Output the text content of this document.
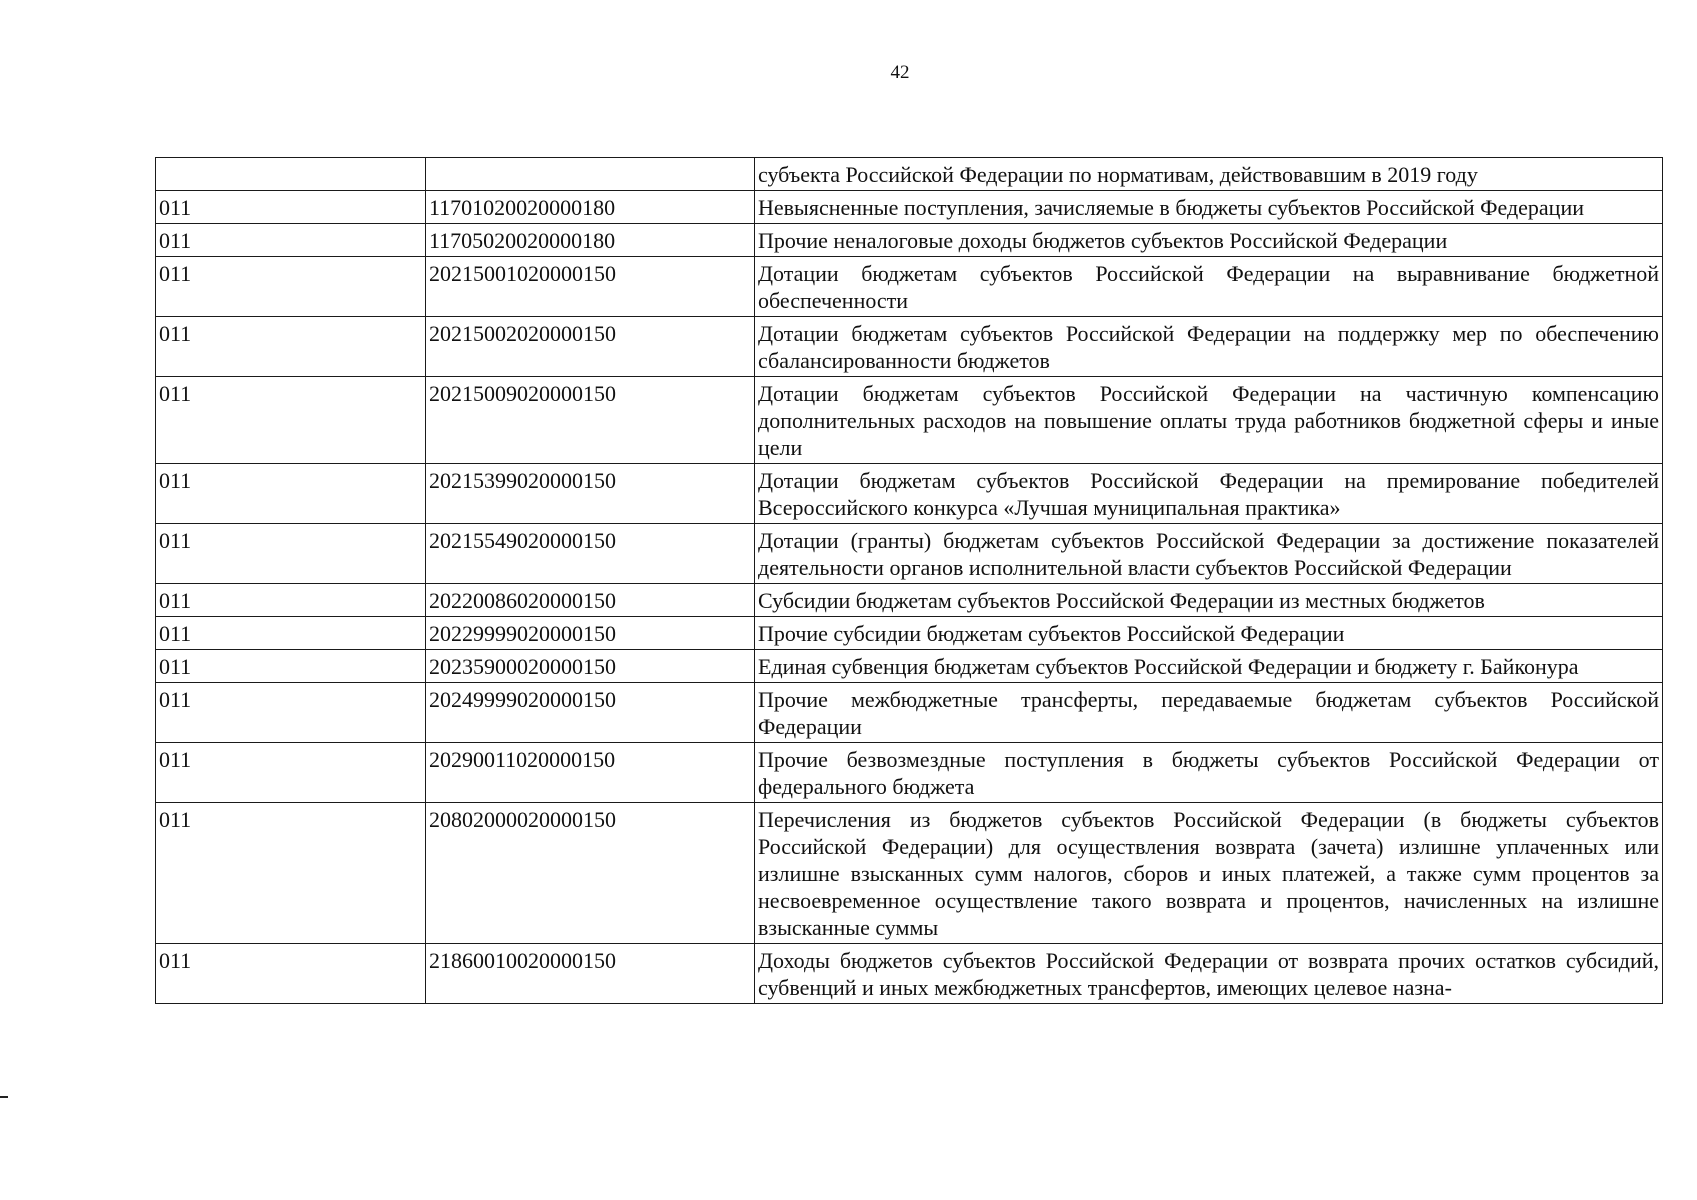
42
		субъекта Российской Федерации по нормативам, действовавшим в 2019 году
011	11701020020000180	Невыясненные поступления, зачисляемые в бюджеты субъектов Российской Федерации
011	11705020020000180	Прочие неналоговые доходы бюджетов субъектов Российской Федерации
011	20215001020000150	Дотации бюджетам субъектов Российской Федерации на выравнивание бюджетной обеспеченности
011	20215002020000150	Дотации бюджетам субъектов Российской Федерации на поддержку мер по обеспечению сбалансированности бюджетов
011	20215009020000150	Дотации бюджетам субъектов Российской Федерации на частичную компенсацию дополнительных расходов на повышение оплаты труда работников бюджетной сферы и иные цели
011	20215399020000150	Дотации бюджетам субъектов Российской Федерации на премирование победителей Всероссийского конкурса «Лучшая муниципальная практика»
011	20215549020000150	Дотации (гранты) бюджетам субъектов Российской Федерации за достижение показателей деятельности органов исполнительной власти субъектов Российской Федерации
011	20220086020000150	Субсидии бюджетам субъектов Российской Федерации из местных бюджетов
011	20229999020000150	Прочие субсидии бюджетам субъектов Российской Федерации
011	20235900020000150	Единая субвенция бюджетам субъектов Российской Федерации и бюджету г. Байконура
011	20249999020000150	Прочие межбюджетные трансферты, передаваемые бюджетам субъектов Российской Федерации
011	20290011020000150	Прочие безвозмездные поступления в бюджеты субъектов Российской Федерации от федерального бюджета
011	20802000020000150	Перечисления из бюджетов субъектов Российской Федерации (в бюджеты субъектов Российской Федерации) для осуществления возврата (зачета) излишне уплаченных или излишне взысканных сумм налогов, сборов и иных платежей, а также сумм процентов за несвоевременное осуществление такого возврата и процентов, начисленных на излишне взысканные суммы
011	21860010020000150	Доходы бюджетов субъектов Российской Федерации от возврата прочих остатков субсидий, субвенций и иных межбюджетных трансфертов, имеющих целевое назна-
